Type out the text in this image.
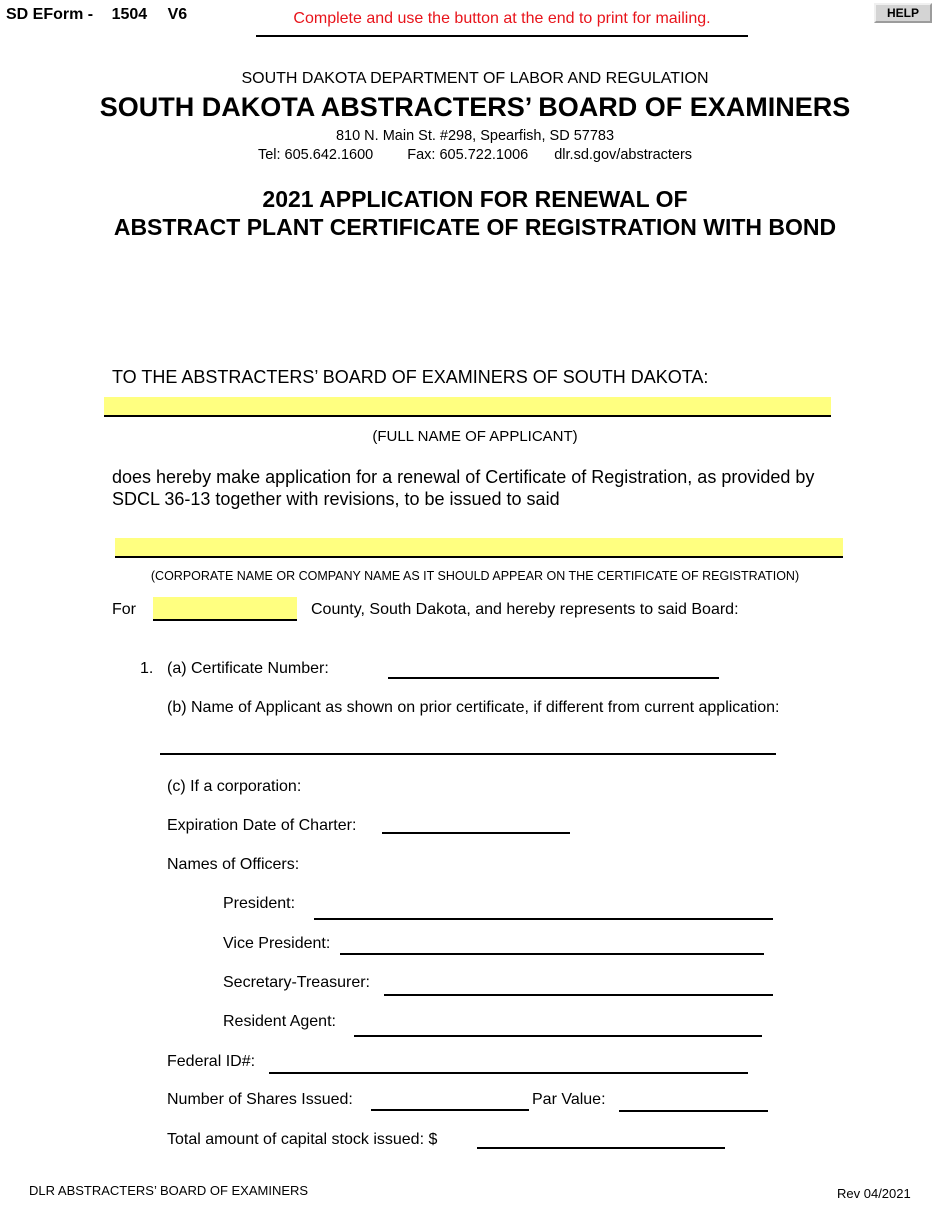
SD EForm - 1504 V6	Complete and use the button at the end to print for mailing.	HELP
SOUTH DAKOTA DEPARTMENT OF LABOR AND REGULATION
SOUTH DAKOTA ABSTRACTERS’ BOARD OF EXAMINERS
810 N. Main St. #298, Spearfish, SD 57783
Tel: 605.642.1600 Fax: 605.722.1006 dlr.sd.gov/abstracters
2021 APPLICATION FOR RENEWAL OF
ABSTRACT PLANT CERTIFICATE OF REGISTRATION WITH BOND
TO THE ABSTRACTERS’ BOARD OF EXAMINERS OF SOUTH DAKOTA:
(FULL NAME OF APPLICANT)
does hereby make application for a renewal of Certificate of Registration, as provided by SDCL 36-13 together with revisions, to be issued to said
(CORPORATE NAME OR COMPANY NAME AS IT SHOULD APPEAR ON THE CERTIFICATE OF REGISTRATION)
For	County, South Dakota, and hereby represents to said Board:
1. (a) Certificate Number:
(b) Name of Applicant as shown on prior certificate, if different from current application:
(c) If a corporation:
Expiration Date of Charter:
Names of Officers:
President:
Vice President:
Secretary-Treasurer:
Resident Agent:
Federal ID#:
Number of Shares Issued:	Par Value:
Total amount of capital stock issued: $
DLR ABSTRACTERS’ BOARD OF EXAMINERS	Rev 04/2021
